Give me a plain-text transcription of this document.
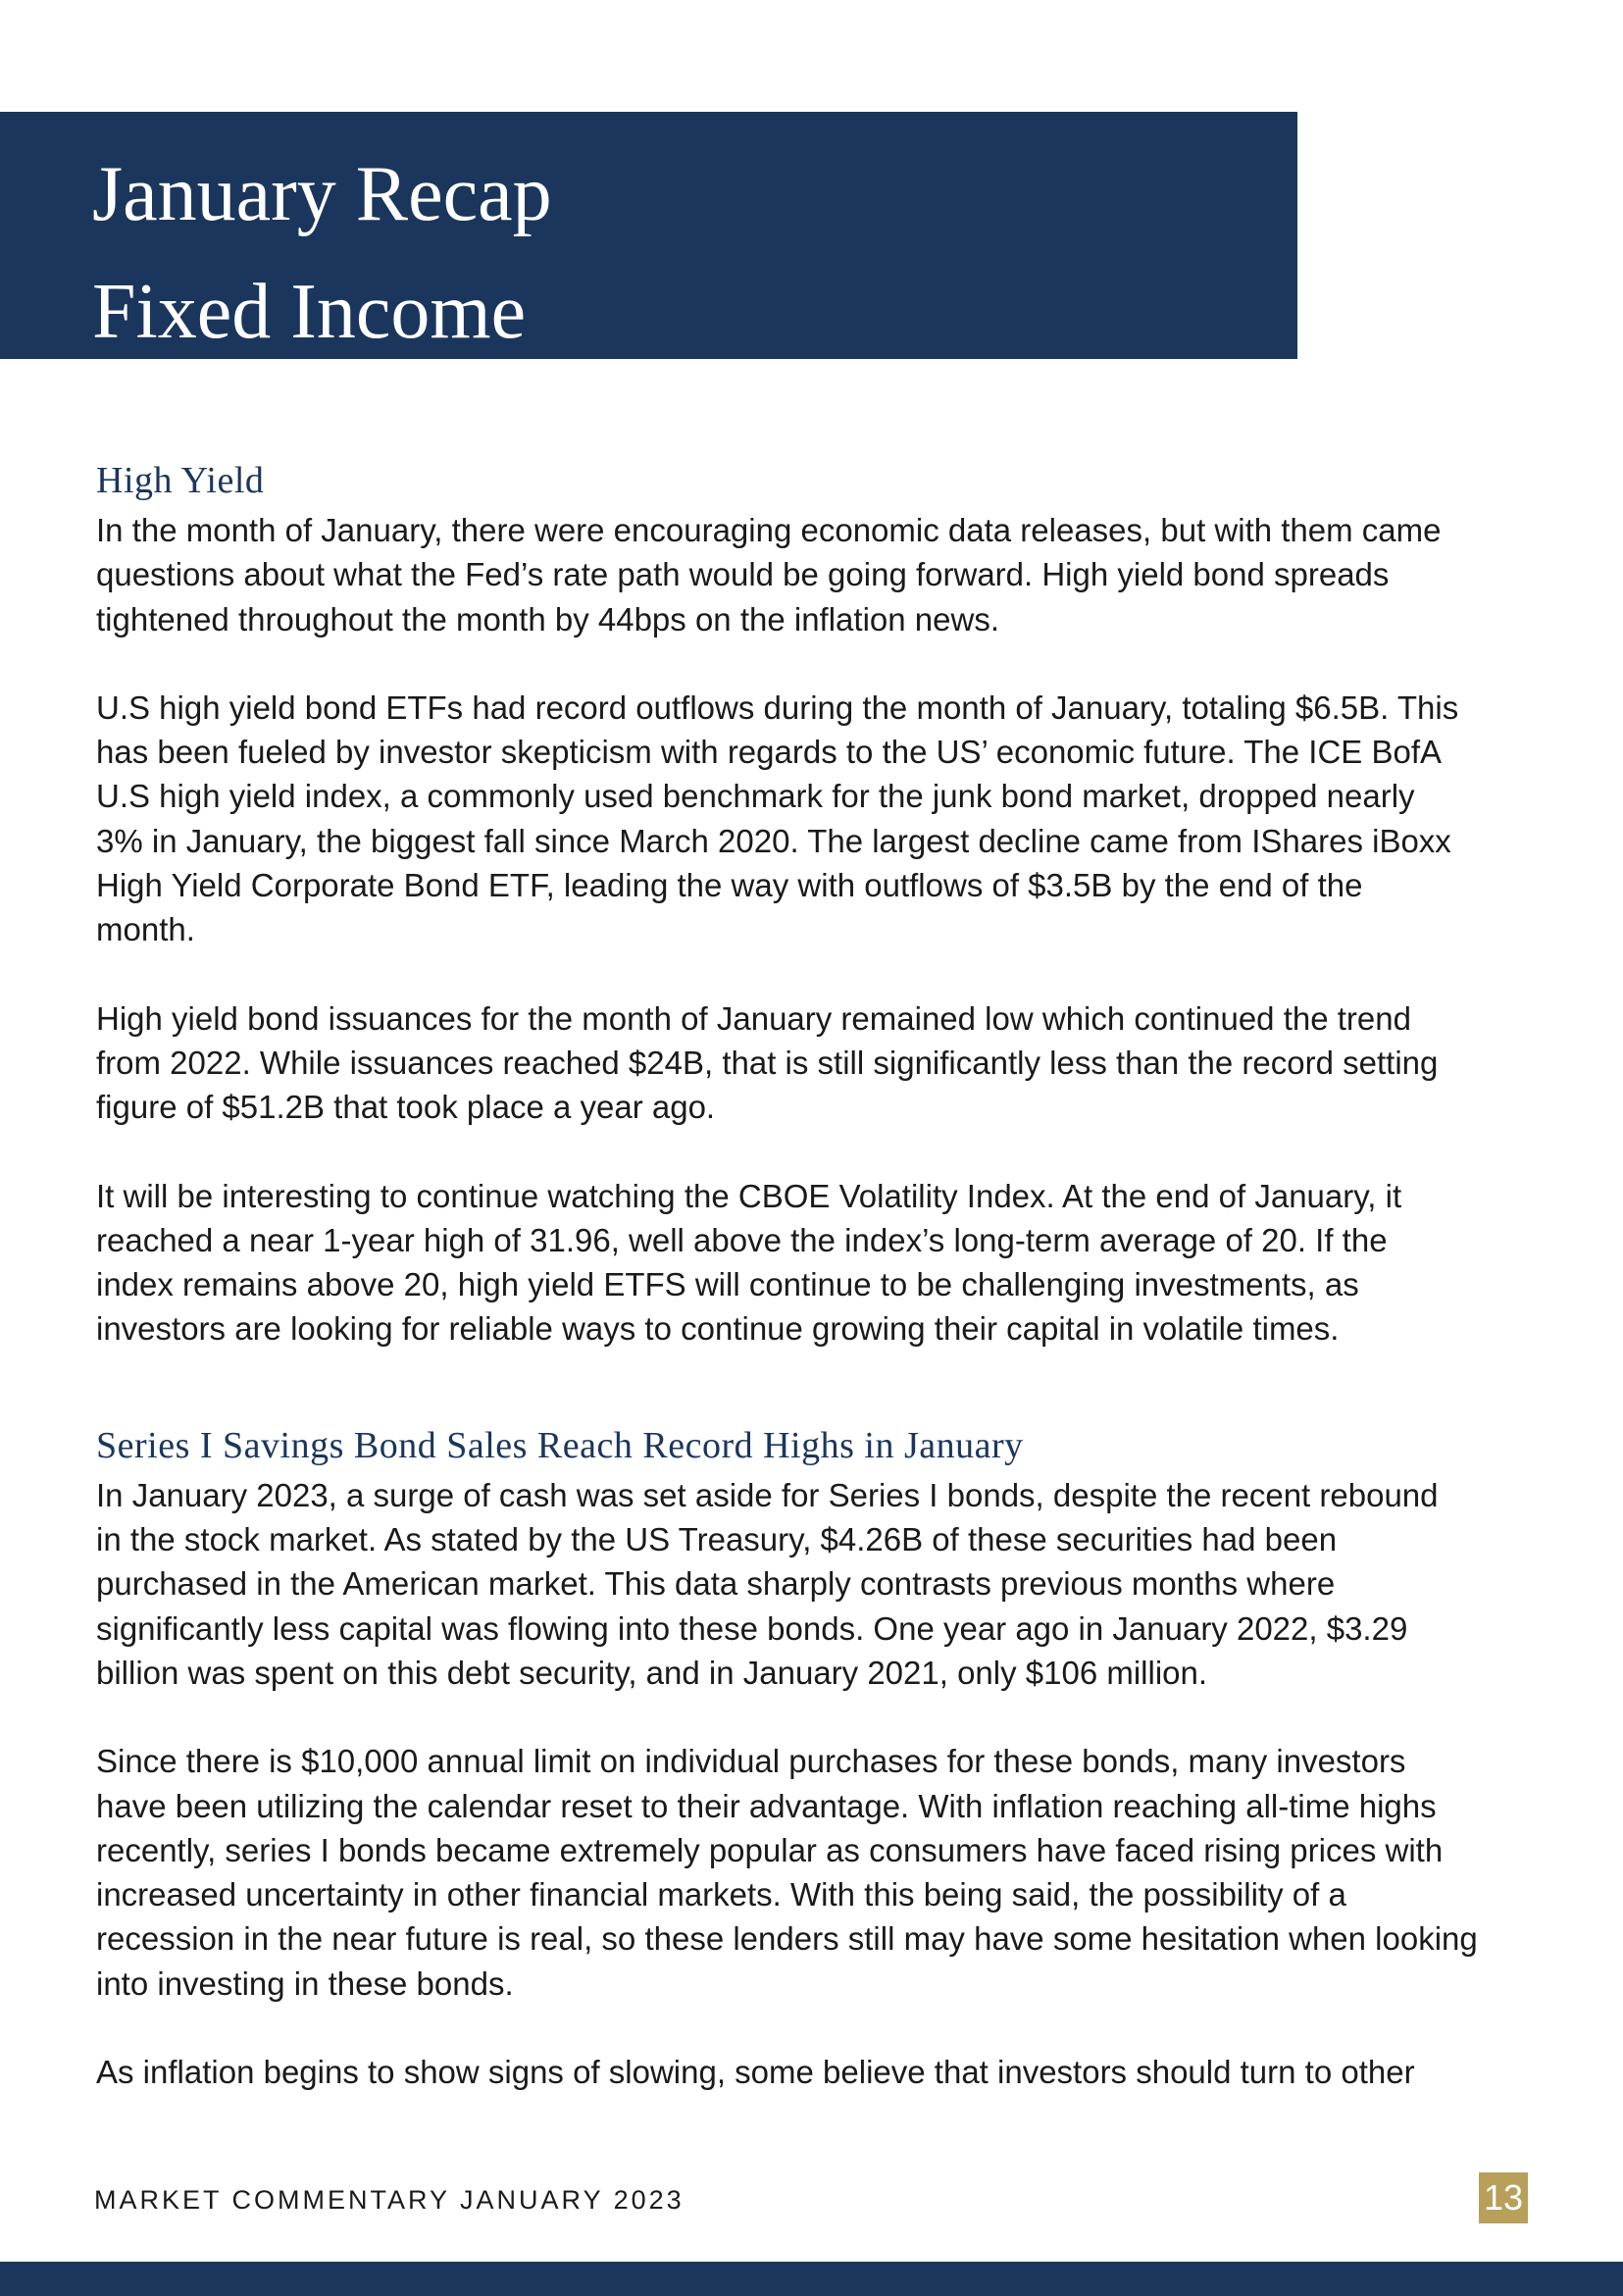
January Recap
Fixed Income
High Yield

In the month of January, there were encouraging economic data releases, but with them came
questions about what the Fed’s rate path would be going forward. High yield bond spreads
tightened throughout the month by 44bps on the inflation news.

U.S high yield bond ETFs had record outflows during the month of January, totaling $6.5B. This
has been fueled by investor skepticism with regards to the US’ economic future. The ICE BofA
U.S high yield index, a commonly used benchmark for the junk bond market, dropped nearly
3% in January, the biggest fall since March 2020. The largest decline came from IShares iBoxx
High Yield Corporate Bond ETF, leading the way with outflows of $3.5B by the end of the
month.

High yield bond issuances for the month of January remained low which continued the trend
from 2022. While issuances reached $24B, that is still significantly less than the record setting
figure of $51.2B that took place a year ago.

It will be interesting to continue watching the CBOE Volatility Index. At the end of January, it
reached a near 1-year high of 31.96, well above the index’s long-term average of 20. If the
index remains above 20, high yield ETFS will continue to be challenging investments, as
investors are looking for reliable ways to continue growing their capital in volatile times.

Series I Savings Bond Sales Reach Record Highs in January

In January 2023, a surge of cash was set aside for Series I bonds, despite the recent rebound
in the stock market. As stated by the US Treasury, $4.26B of these securities had been
purchased in the American market. This data sharply contrasts previous months where
significantly less capital was flowing into these bonds. One year ago in January 2022, $3.29
billion was spent on this debt security, and in January 2021, only $106 million.

Since there is $10,000 annual limit on individual purchases for these bonds, many investors
have been utilizing the calendar reset to their advantage. With inflation reaching all-time highs
recently, series I bonds became extremely popular as consumers have faced rising prices with
increased uncertainty in other financial markets. With this being said, the possibility of a
recession in the near future is real, so these lenders still may have some hesitation when looking
into investing in these bonds.

As inflation begins to show signs of slowing, some believe that investors should turn to other

MARKET COMMENTARY JANUARY 2023	13
